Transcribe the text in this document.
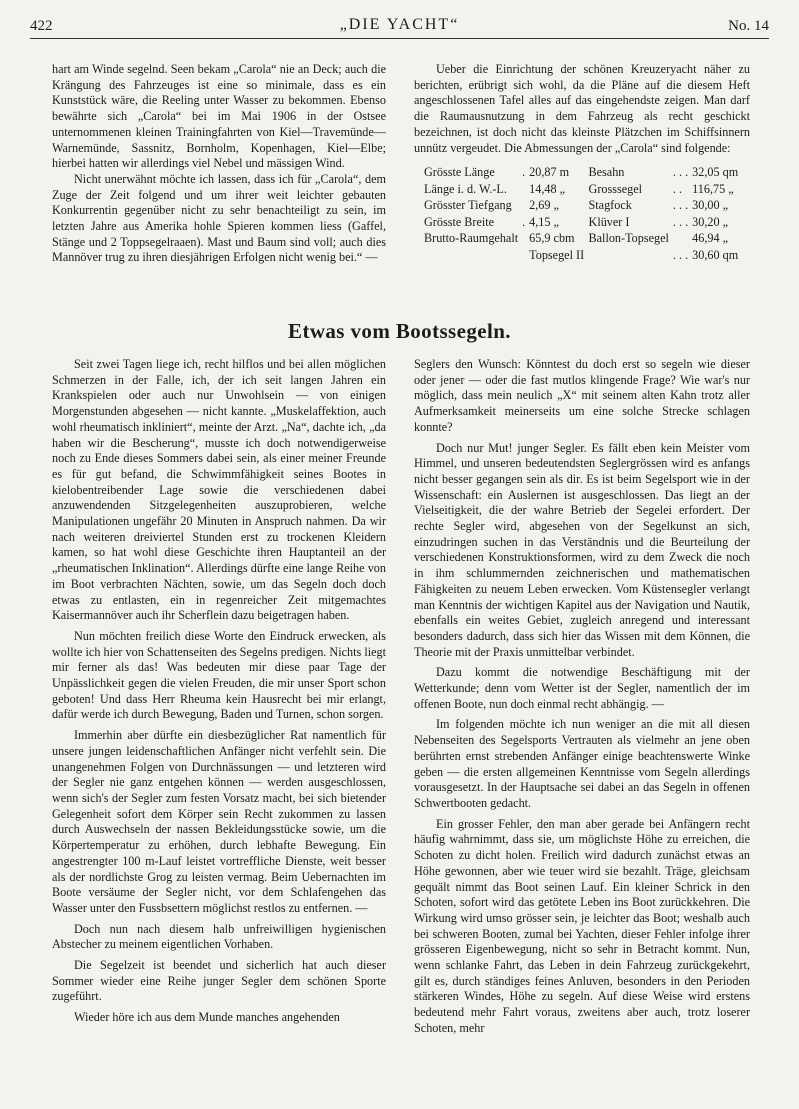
422	„DIE YACHT“	No. 14

hart am Winde segelnd. Seen bekam „Carola“ nie an Deck; auch die Krängung des Fahrzeuges ist eine so minimale, dass es ein Kunststück wäre, die Reeling unter Wasser zu bekommen. Ebenso bewährte sich „Carola“ bei im Mai 1906 in der Ostsee unternommenen kleinen Trainingfahrten von Kiel—Travemünde—Warnemünde, Sassnitz, Bornholm, Kopenhagen, Kiel—Elbe; hierbei hatten wir allerdings viel Nebel und mässigen Wind.

Nicht unerwähnt möchte ich lassen, dass ich für „Carola“, dem Zuge der Zeit folgend und um ihrer weit leichter gebauten Konkurrentin gegenüber nicht zu sehr benachteiligt zu sein, im letzten Jahre aus Amerika hohle Spieren kommen liess (Gaffel, Stänge und 2 Toppsegelraaen). Mast und Baum sind voll; auch dies Mannöver trug zu ihren diesjährigen Erfolgen nicht wenig bei.“ —

Ueber die Einrichtung der schönen Kreuzeryacht näher zu berichten, erübrigt sich wohl, da die Pläne auf die diesem Heft angeschlossenen Tafel alles auf das eingehendste zeigen. Man darf die Raumausnutzung in dem Fahrzeug als recht geschickt bezeichnen, ist doch nicht das kleinste Plätzchen im Schiffsinnern unnütz vergeudet. Die Abmessungen der „Carola“ sind folgende:

Grösste Länge	.	20,87 m	Besahn	. . .	32,05 qm
Länge i. d. W.-L.		14,48 „	Grosssegel	. .	116,75 „
Grösster Tiefgang		2,69 „	Stagfock	. . .	30,00 „
Grösste Breite	.	4,15 „	Klüver I	. . .	30,20 „
Brutto-Raumgehalt		65,9 cbm	Ballon-Topsegel		46,94 „
		Topsegel II		. . .	30,60 qm
Etwas vom Bootssegeln.

Seit zwei Tagen liege ich, recht hilflos und bei allen möglichen Schmerzen in der Falle, ich, der ich seit langen Jahren ein Krankspielen oder auch nur Unwohlsein — von einigen Morgenstunden abgesehen — nicht kannte. „Muskelaffektion, auch wohl rheumatisch inkliniert“, meinte der Arzt. „Na“, dachte ich, „da haben wir die Bescherung“, musste ich doch notwendigerweise noch zu Ende dieses Sommers dabei sein, als einer meiner Freunde es für gut befand, die Schwimmfähigkeit seines Bootes in kielobentreibender Lage sowie die verschiedenen dabei anzuwendenden Sitzgelegenheiten auszuprobieren, welche Manipulationen ungefähr 20 Minuten in Anspruch nahmen. Da wir nach weiteren dreiviertel Stunden erst zu trockenen Kleidern kamen, so hat wohl diese Geschichte ihren Hauptanteil an der „rheumatischen Inklination“. Allerdings dürfte eine lange Reihe von im Boot verbrachten Nächten, sowie, um das Segeln doch doch etwas zu entlasten, ein in regenreicher Zeit mitgemachtes Kaisermannöver auch ihr Scherflein dazu beigetragen haben.

Nun möchten freilich diese Worte den Eindruck erwecken, als wollte ich hier von Schattenseiten des Segelns predigen. Nichts liegt mir ferner als das! Was bedeuten mir diese paar Tage der Unpässlichkeit gegen die vielen Freuden, die mir unser Sport schon geboten! Und dass Herr Rheuma kein Hausrecht bei mir erlangt, dafür werde ich durch Bewegung, Baden und Turnen, schon sorgen.

Immerhin aber dürfte ein diesbezüglicher Rat namentlich für unsere jungen leidenschaftlichen Anfänger nicht verfehlt sein. Die unangenehmen Folgen von Durchnässungen — und letzteren wird der Segler nie ganz entgehen können — werden ausgeschlossen, wenn sich's der Segler zum festen Vorsatz macht, bei sich bietender Gelegenheit sofort dem Körper sein Recht zukommen zu lassen durch Auswechseln der nassen Bekleidungsstücke sowie, um die Körpertemperatur zu erhöhen, durch lebhafte Bewegung. Ein angestrengter 100 m-Lauf leistet vortreffliche Dienste, weit besser als der nordlichste Grog zu leisten vermag. Beim Uebernachten im Boote versäume der Segler nicht, vor dem Schlafengehen das Wasser unter den Fussbsettern möglichst restlos zu entfernen. —

Doch nun nach diesem halb unfreiwilligen hygienischen Abstecher zu meinem eigentlichen Vorhaben.

Die Segelzeit ist beendet und sicherlich hat auch dieser Sommer wieder eine Reihe junger Segler dem schönen Sporte zugeführt.

Wieder höre ich aus dem Munde manches angehenden

Seglers den Wunsch: Könntest du doch erst so segeln wie dieser oder jener — oder die fast mutlos klingende Frage? Wie war's nur möglich, dass mein neulich „X“ mit seinem alten Kahn trotz aller Aufmerksamkeit meinerseits um eine solche Strecke schlagen konnte?

Doch nur Mut! junger Segler. Es fällt eben kein Meister vom Himmel, und unseren bedeutendsten Seglergrössen wird es anfangs nicht besser gegangen sein als dir. Es ist beim Segelsport wie in der Wissenschaft: ein Auslernen ist ausgeschlossen. Das liegt an der Vielseitigkeit, die der wahre Betrieb der Segelei erfordert. Der rechte Segler wird, abgesehen von der Segelkunst an sich, einzudringen suchen in das Verständnis und die Beurteilung der verschiedenen Konstruktionsformen, wird zu dem Zweck die noch in ihm schlummernden zeichnerischen und mathematischen Fähigkeiten zu neuem Leben erwecken. Vom Küstensegler verlangt man Kenntnis der wichtigen Kapitel aus der Navigation und Nautik, ebenfalls ein weites Gebiet, zugleich anregend und interessant besonders dadurch, dass sich hier das Wissen mit dem Können, die Theorie mit der Praxis unmittelbar verbindet.

Dazu kommt die notwendige Beschäftigung mit der Wetterkunde; denn vom Wetter ist der Segler, namentlich der im offenen Boote, nun doch einmal recht abhängig. —

Im folgenden möchte ich nun weniger an die mit all diesen Nebenseiten des Segelsports Vertrauten als vielmehr an jene oben berührten ernst strebenden Anfänger einige beachtenswerte Winke geben — die ersten allgemeinen Kenntnisse vom Segeln allerdings vorausgesetzt. In der Hauptsache sei dabei an das Segeln in offenen Schwertbooten gedacht.

Ein grosser Fehler, den man aber gerade bei Anfängern recht häufig wahrnimmt, dass sie, um möglichste Höhe zu erreichen, die Schoten zu dicht holen. Freilich wird dadurch zunächst etwas an Höhe gewonnen, aber wie teuer wird sie bezahlt. Träge, gleichsam gequält nimmt das Boot seinen Lauf. Ein kleiner Schrick in den Schoten, sofort wird das getötete Leben ins Boot zurückkehren. Die Wirkung wird umso grösser sein, je leichter das Boot; weshalb auch bei schweren Booten, zumal bei Yachten, dieser Fehler infolge ihrer grösseren Eigenbewegung, nicht so sehr in Betracht kommt. Nun, wenn schlanke Fahrt, das Leben in dein Fahrzeug zurückgekehrt, gilt es, durch ständiges feines Anluven, besonders in den Perioden stärkeren Windes, Höhe zu segeln. Auf diese Weise wird erstens bedeutend mehr Fahrt voraus, zweitens aber auch, trotz loserer Schoten, mehr
